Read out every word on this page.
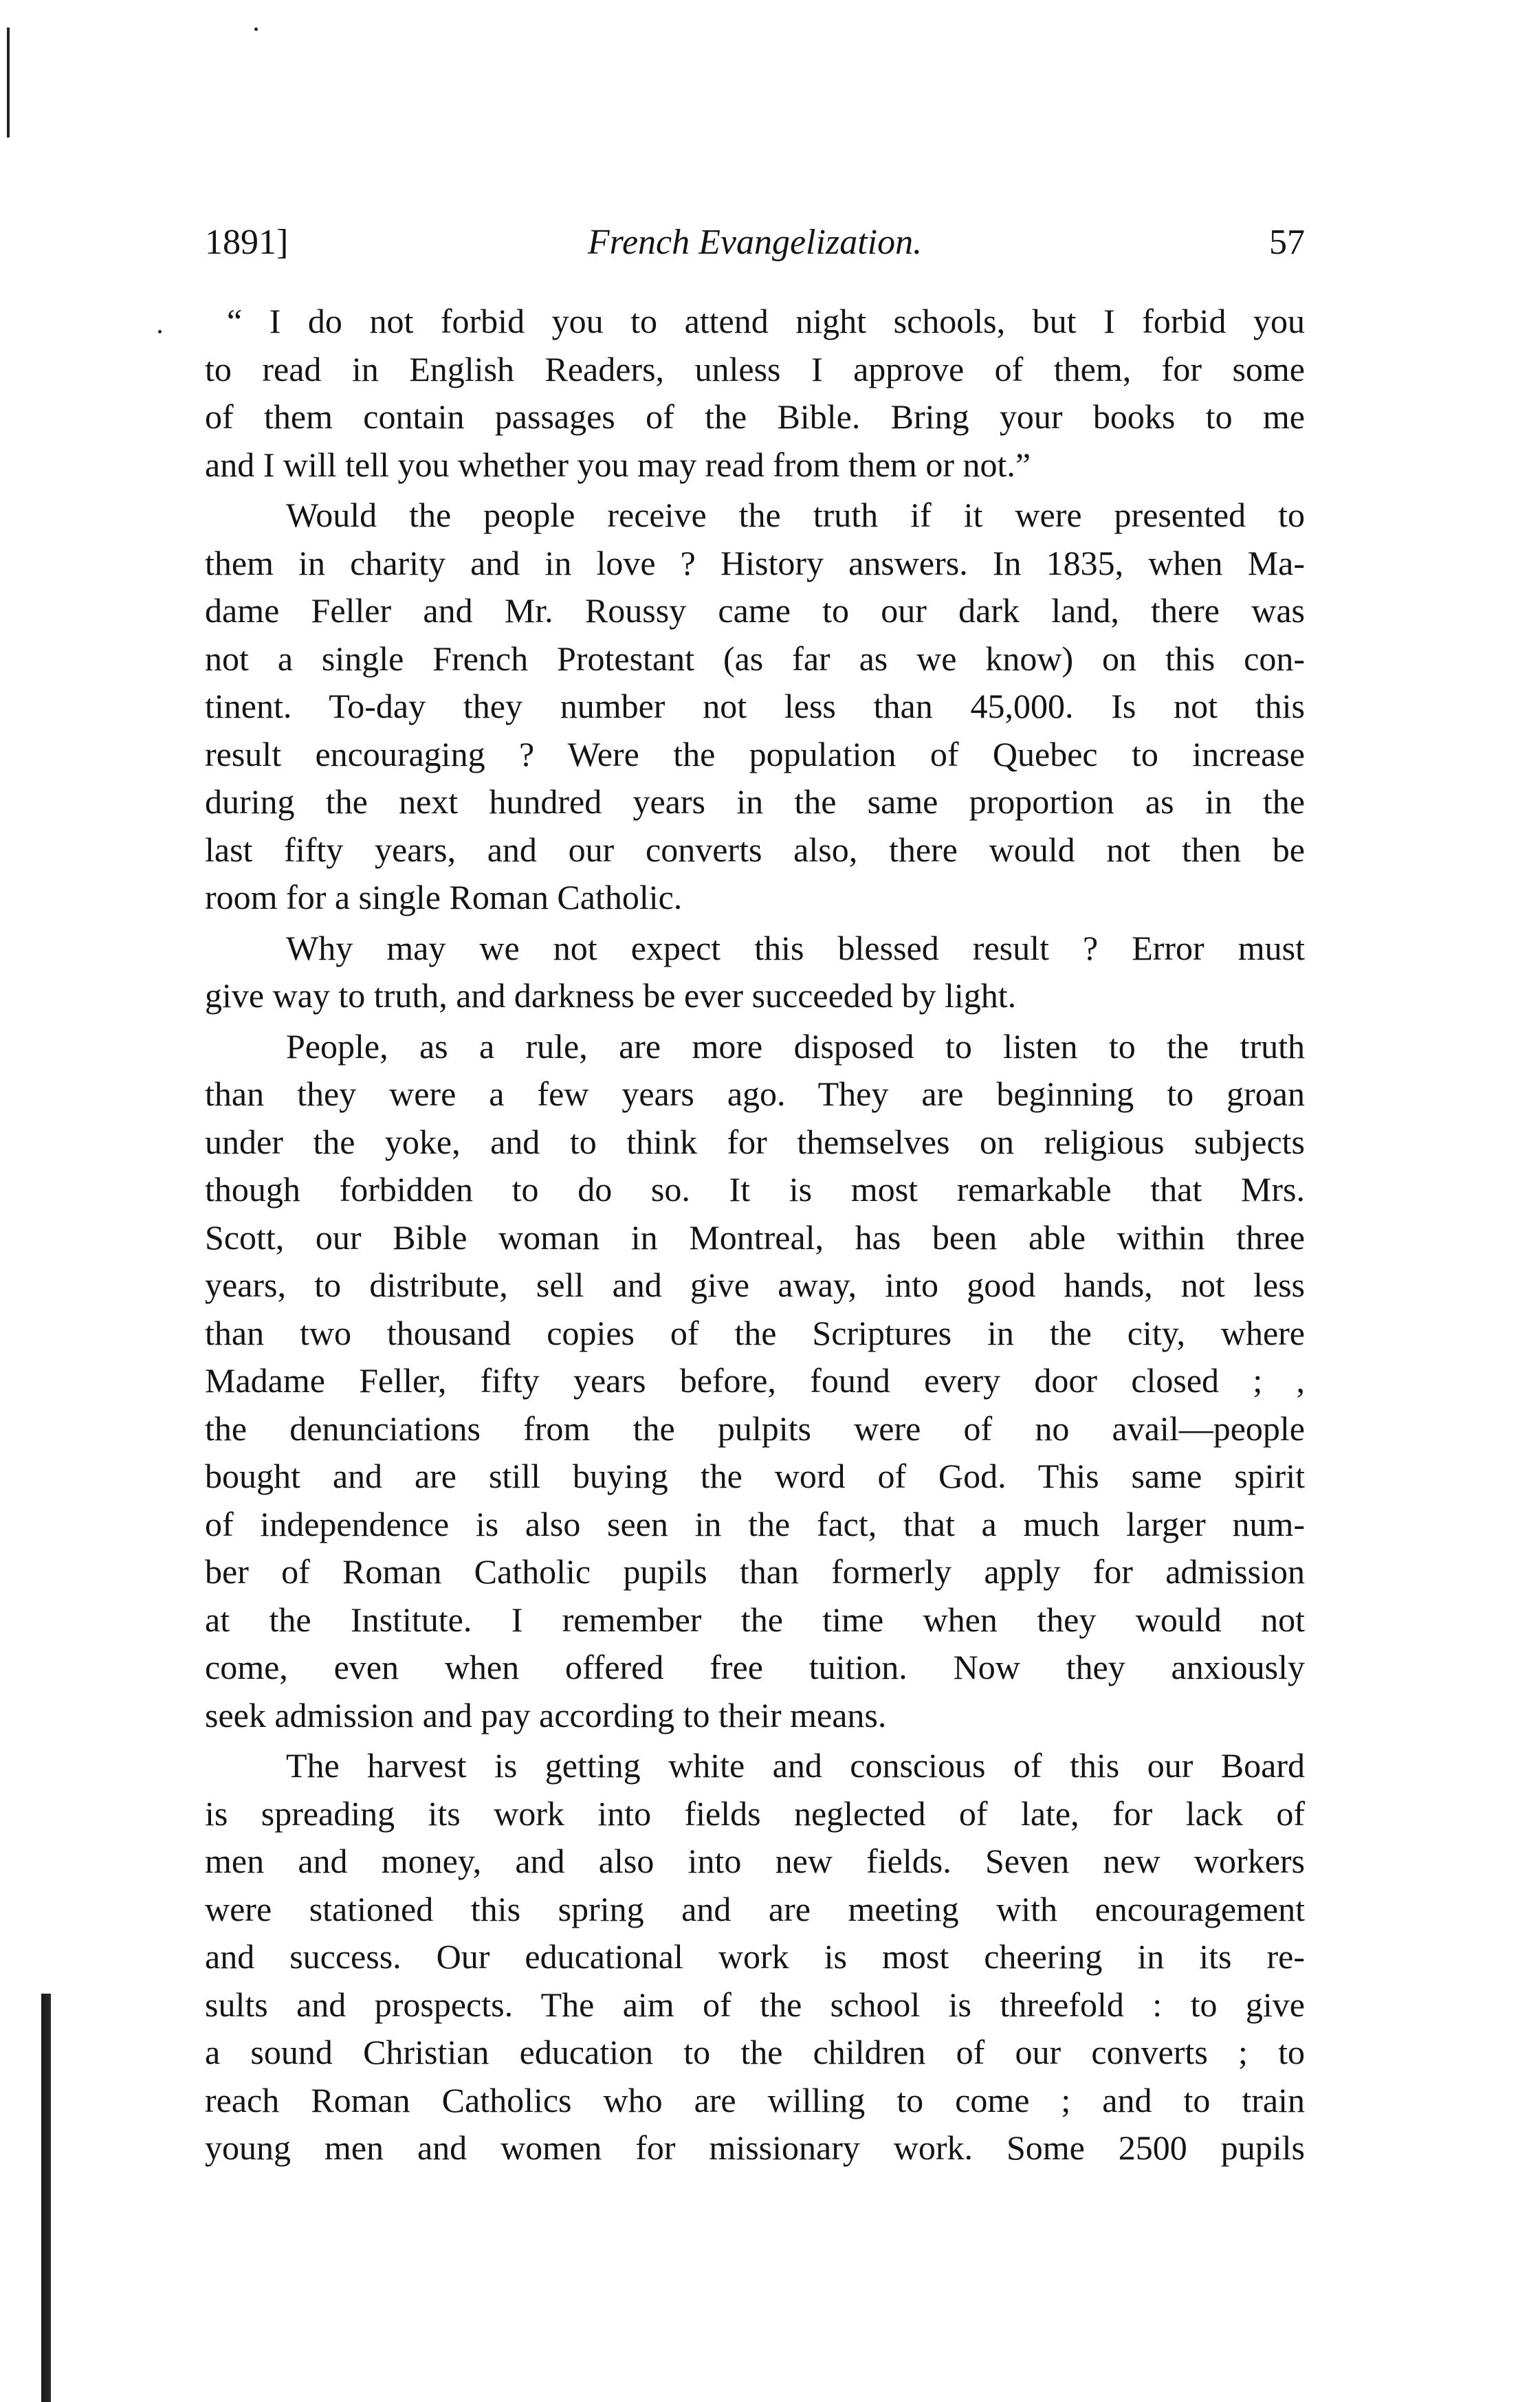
1891]	French Evangelization.	57
“ I do not forbid you to attend night schools, but I forbid you
to read in English Readers, unless I approve of them, for some
of them contain passages of the Bible. Bring your books to me
and I will tell you whether you may read from them or not.”
Would the people receive the truth if it were presented to
them in charity and in love ? History answers. In 1835, when Ma-
dame Feller and Mr. Roussy came to our dark land, there was
not a single French Protestant (as far as we know) on this con-
tinent. To-day they number not less than 45,000. Is not this
result encouraging ? Were the population of Quebec to increase
during the next hundred years in the same proportion as in the
last fifty years, and our converts also, there would not then be
room for a single Roman Catholic.
Why may we not expect this blessed result ? Error must
give way to truth, and darkness be ever succeeded by light.
People, as a rule, are more disposed to listen to the truth
than they were a few years ago. They are beginning to groan
under the yoke, and to think for themselves on religious subjects
though forbidden to do so. It is most remarkable that Mrs.
Scott, our Bible woman in Montreal, has been able within three
years, to distribute, sell and give away, into good hands, not less
than two thousand copies of the Scriptures in the city, where
Madame Feller, fifty years before, found every door closed ; ,
the denunciations from the pulpits were of no avail—people
bought and are still buying the word of God. This same spirit
of independence is also seen in the fact, that a much larger num-
ber of Roman Catholic pupils than formerly apply for admission
at the Institute. I remember the time when they would not
come, even when offered free tuition. Now they anxiously
seek admission and pay according to their means.
The harvest is getting white and conscious of this our Board
is spreading its work into fields neglected of late, for lack of
men and money, and also into new fields. Seven new workers
were stationed this spring and are meeting with encouragement
and success. Our educational work is most cheering in its re-
sults and prospects. The aim of the school is threefold : to give
a sound Christian education to the children of our converts ; to
reach Roman Catholics who are willing to come ; and to train
young men and women for missionary work. Some 2500 pupils
